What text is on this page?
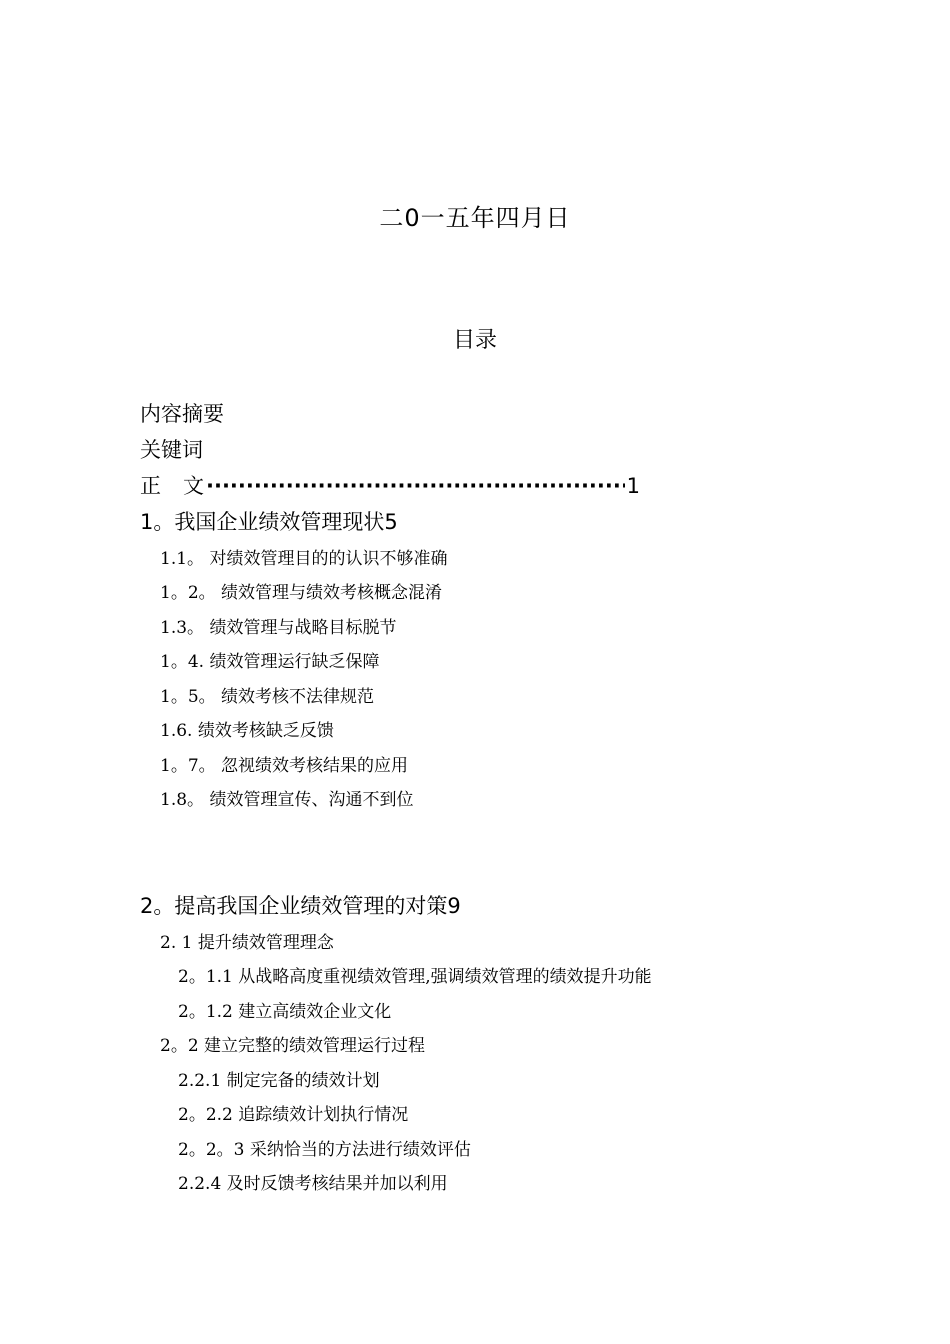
二0一五年四月日
目录
内容摘要
关键词
正 文
·····	1
1。我国企业绩效管理现状5
1.1。 对绩效管理目的的认识不够准确
1。2。 绩效管理与绩效考核概念混淆
1.3。 绩效管理与战略目标脱节
1。4. 绩效管理运行缺乏保障
1。5。 绩效考核不法律规范
1.6. 绩效考核缺乏反馈
1。7。 忽视绩效考核结果的应用
1.8。 绩效管理宣传、沟通不到位
2。提高我国企业绩效管理的对策9
2. 1 提升绩效管理理念
2。1.1 从战略高度重视绩效管理,强调绩效管理的绩效提升功能
2。1.2 建立高绩效企业文化
2。2 建立完整的绩效管理运行过程
2.2.1 制定完备的绩效计划
2。2.2 追踪绩效计划执行情况
2。2。3 采纳恰当的方法进行绩效评估
2.2.4 及时反馈考核结果并加以利用
